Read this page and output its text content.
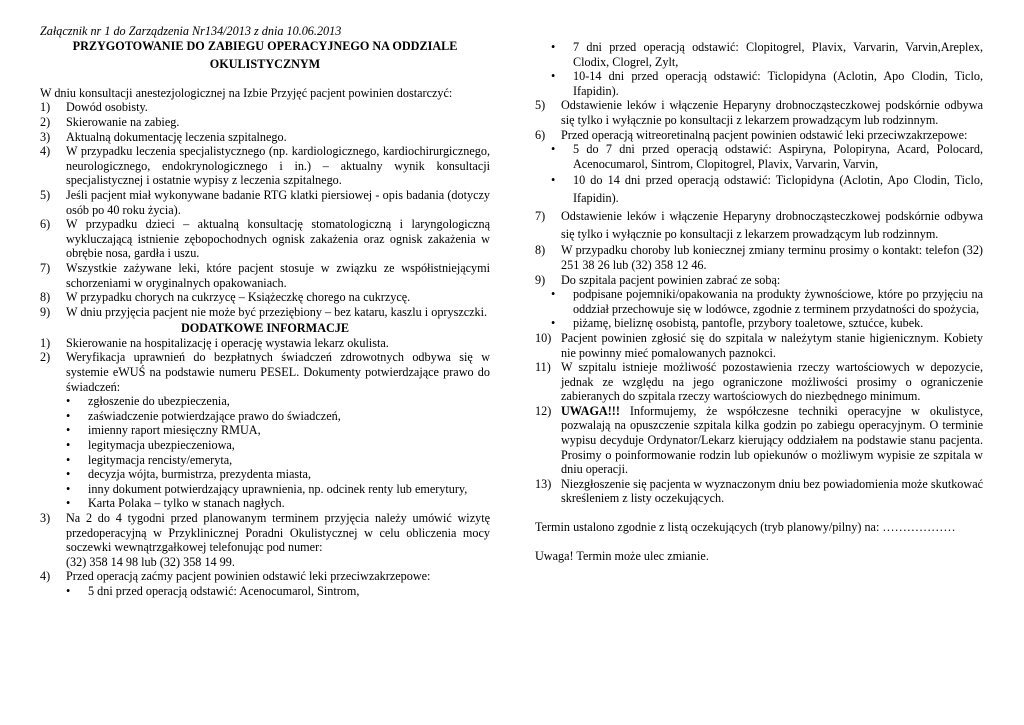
Załącznik nr 1 do Zarządzenia Nr134/2013 z dnia 10.06.2013

PRZYGOTOWANIE DO ZABIEGU OPERACYJNEGO NA ODDZIALE

OKULISTYCZNYM

W dniu konsultacji anestezjologicznej na Izbie Przyjęć pacjent powinien dostarczyć:

1)	Dowód osobisty.
2)	Skierowanie na zabieg.
3)	Aktualną dokumentację leczenia szpitalnego.
4)	W przypadku leczenia specjalistycznego (np. kardiologicznego, kardiochirurgicznego, neurologicznego, endokrynologicznego i in.) – aktualny wynik konsultacji specjalistycznej i ostatnie wypisy z leczenia szpitalnego.
5)	Jeśli pacjent miał wykonywane badanie RTG klatki piersiowej - opis badania (dotyczy osób po 40 roku życia).
6)	W przypadku dzieci – aktualną konsultację stomatologiczną i laryngologiczną wykluczającą istnienie zębopochodnych ognisk zakażenia oraz ognisk zakażenia w obrębie nosa, gardła i uszu.
7)	Wszystkie zażywane leki, które pacjent stosuje w związku ze współistniejącymi schorzeniami w oryginalnych opakowaniach.
8)	W przypadku chorych na cukrzycę – Książeczkę chorego na cukrzycę.
9)	W dniu przyjęcia pacjent nie może być przeziębiony – bez kataru, kaszlu i opryszczki.

DODATKOWE INFORMACJE

1)	Skierowanie na hospitalizację i operację wystawia lekarz okulista.
2)	Weryfikacja uprawnień do bezpłatnych świadczeń zdrowotnych odbywa się w systemie eWUŚ na podstawie numeru PESEL. Dokumenty potwierdzające prawo do świadczeń:
•	zgłoszenie do ubezpieczenia,
•	zaświadczenie potwierdzające prawo do świadczeń,
•	imienny raport miesięczny RMUA,
•	legitymacja ubezpieczeniowa,
•	legitymacja rencisty/emeryta,
•	decyzja wójta, burmistrza, prezydenta miasta,
•	inny dokument potwierdzający uprawnienia, np. odcinek renty lub emerytury,
•	Karta Polaka – tylko w stanach nagłych.
3)	Na 2 do 4 tygodni przed planowanym terminem przyjęcia należy umówić wizytę przedoperacyjną w Przyklinicznej Poradni Okulistycznej w celu obliczenia mocy soczewki wewnątrzgałkowej telefonując pod numer:
(32) 358 14 98 lub (32) 358 14 99.
4)	Przed operacją zaćmy pacjent powinien odstawić leki przeciwzakrzepowe:
•	5 dni przed operacją odstawić: Acenocumarol, Sintrom,
•	7 dni przed operacją odstawić: Clopitogrel, Plavix, Varvarin, Varvin,Areplex, Clodix, Clogrel, Zylt,
•	10-14 dni przed operacją odstawić: Ticlopidyna (Aclotin, Apo Clodin, Ticlo, Ifapidin).
5)	Odstawienie leków i włączenie Heparyny drobnocząsteczkowej podskórnie odbywa się tylko i wyłącznie po konsultacji z lekarzem prowadzącym lub rodzinnym.
6)	Przed operacją witreoretinalną pacjent powinien odstawić leki przeciwzakrzepowe:
•	5 do 7 dni przed operacją odstawić: Aspiryna, Polopiryna, Acard, Polocard, Acenocumarol, Sintrom, Clopitogrel, Plavix, Varvarin, Varvin,
•	10 do 14 dni przed operacją odstawić: Ticlopidyna (Aclotin, Apo Clodin, Ticlo, Ifapidin).
7)	Odstawienie leków i włączenie Heparyny drobnocząsteczkowej podskórnie odbywa się tylko i wyłącznie po konsultacji z lekarzem prowadzącym lub rodzinnym.
8)	W przypadku choroby lub koniecznej zmiany terminu prosimy o kontakt: telefon (32) 251 38 26 lub (32) 358 12 46.
9)	Do szpitala pacjent powinien zabrać ze sobą:
•	podpisane pojemniki/opakowania na produkty żywnościowe, które po przyjęciu na oddział przechowuje się w lodówce, zgodnie z terminem przydatności do spożycia,
•	piżamę, bieliznę osobistą, pantofle, przybory toaletowe, sztućce, kubek.
10) Pacjent powinien zgłosić się do szpitala w należytym stanie higienicznym. Kobiety nie powinny mieć pomalowanych paznokci.
11) W szpitalu istnieje możliwość pozostawienia rzeczy wartościowych w depozycie, jednak ze względu na jego ograniczone możliwości prosimy o ograniczenie zabieranych do szpitala rzeczy wartościowych do niezbędnego minimum.
12) UWAGA!!! Informujemy, że współczesne techniki operacyjne w okulistyce, pozwalają na opuszczenie szpitala kilka godzin po zabiegu operacyjnym. O terminie wypisu decyduje Ordynator/Lekarz kierujący oddziałem na podstawie stanu pacjenta. Prosimy o poinformowanie rodzin lub opiekunów o możliwym wypisie ze szpitala w dniu operacji.
13) Niezgłoszenie się pacjenta w wyznaczonym dniu bez powiadomienia może skutkować skreśleniem z listy oczekujących.

Termin ustalono zgodnie z listą oczekujących (tryb planowy/pilny) na: ………………

Uwaga! Termin może ulec zmianie.
